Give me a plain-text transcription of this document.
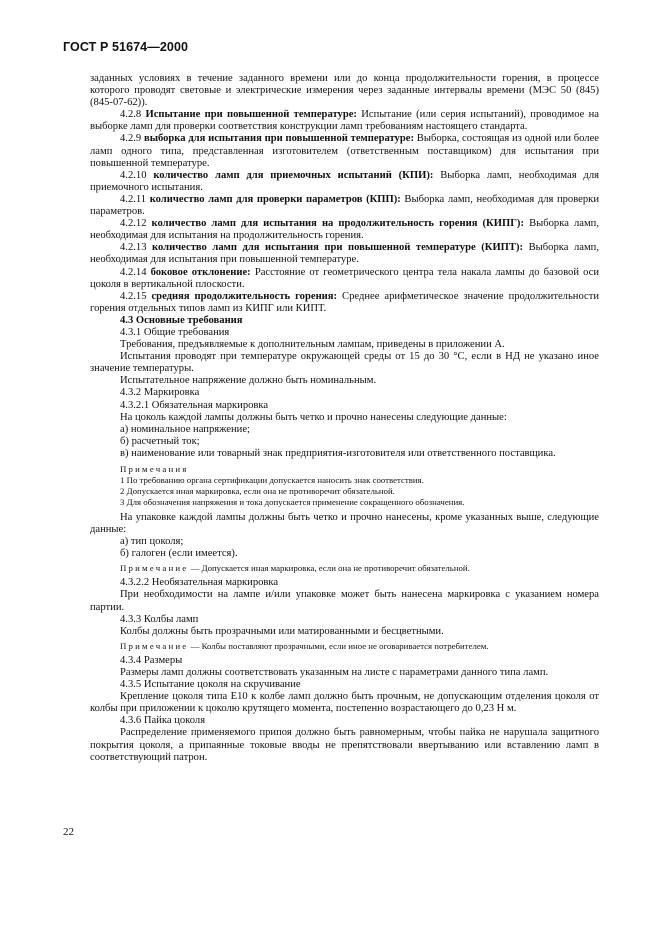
ГОСТ Р 51674—2000

заданных условиях в течение заданного времени или до конца продолжительности горения, в процессе которого проводят световые и электрические измерения через заданные интервалы времени (МЭС 50 (845) (845-07-62)).

4.2.8 Испытание при повышенной температуре: Испытание (или серия испытаний), проводимое на выборке ламп для проверки соответствия конструкции ламп требованиям настоящего стандарта.

4.2.9 выборка для испытания при повышенной температуре: Выборка, состоящая из одной или более ламп одного типа, представленная изготовителем (ответственным поставщиком) для испытания при повышенной температуре.

4.2.10 количество ламп для приемочных испытаний (КПИ): Выборка ламп, необходимая для приемочного испытания.

4.2.11 количество ламп для проверки параметров (КПП): Выборка ламп, необходимая для проверки параметров.

4.2.12 количество ламп для испытания на продолжительность горения (КИПГ): Выборка ламп, необходимая для испытания на продолжительность горения.

4.2.13 количество ламп для испытания при повышенной температуре (КИПТ): Выборка ламп, необходимая для испытания при повышенной температуре.

4.2.14 боковое отклонение: Расстояние от геометрического центра тела накала лампы до базовой оси цоколя в вертикальной плоскости.

4.2.15 средняя продолжительность горения: Среднее арифметическое значение продолжительности горения отдельных типов ламп из КИПГ или КИПТ.

4.3 Основные требования

4.3.1 Общие требования

Требования, предъявляемые к дополнительным лампам, приведены в приложении А.

Испытания проводят при температуре окружающей среды от 15 до 30 °С, если в НД не указано иное значение температуры.

Испытательное напряжение должно быть номинальным.

4.3.2 Маркировка

4.3.2.1 Обязательная маркировка

На цоколь каждой лампы должны быть четко и прочно нанесены следующие данные:

а) номинальное напряжение;

б) расчетный ток;

в) наименование или товарный знак предприятия-изготовителя или ответственного поставщика.

Примечания

1 По требованию органа сертификации допускается наносить знак соответствия.

2 Допускается иная маркировка, если она не противоречит обязательной.

3 Для обозначения напряжения и тока допускается применение сокращенного обозначения.

На упаковке каждой лампы должны быть четко и прочно нанесены, кроме указанных выше, следующие данные:

а) тип цоколя;

б) галоген (если имеется).

Примечание — Допускается иная маркировка, если она не противоречит обязательной.

4.3.2.2 Необязательная маркировка

При необходимости на лампе и/или упаковке может быть нанесена маркировка с указанием номера партии.

4.3.3 Колбы ламп

Колбы должны быть прозрачными или матированными и бесцветными.

Примечание — Колбы поставляют прозрачными, если иное не оговаривается потребителем.

4.3.4 Размеры

Размеры ламп должны соответствовать указанным на листе с параметрами данного типа ламп.

4.3.5 Испытание цоколя на скручивание

Крепление цоколя типа Е10 к колбе ламп должно быть прочным, не допускающим отделения цоколя от колбы при приложении к цоколю крутящего момента, постепенно возрастающего до 0,23 Н м.

4.3.6 Пайка цоколя

Распределение применяемого припоя должно быть равномерным, чтобы пайка не нарушала защитного покрытия цоколя, а припаянные токовые вводы не препятствовали ввертыванию или вставлению ламп в соответствующий патрон.

22
